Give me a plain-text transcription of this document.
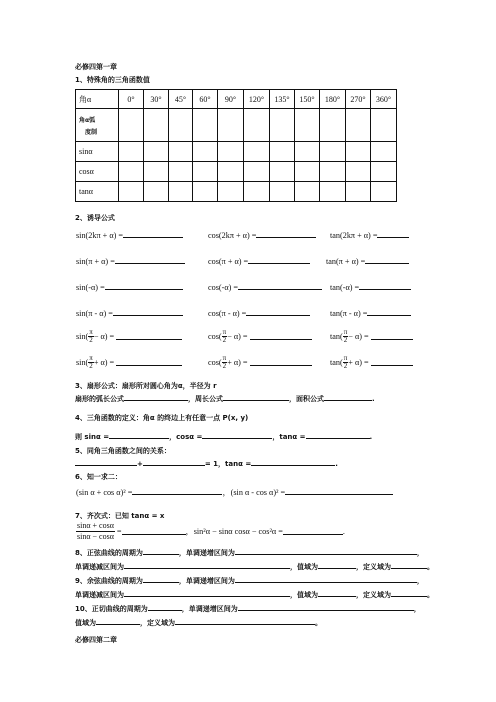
必修四第一章
1、特殊角的三角函数值
角α	0°	30°	45°	60°	90°	120°	135°	150°	180°	270°	360°

角α弧
度制											

sinα											
cosα											
tanα											
2、诱导公式
sin(2kπ + α) =	cos(2kπ + α) =	tan(2kπ + α) =
sin(π + α) =	cos(π + α) =	tan(π + α) =
sin(-α) =	cos(-α) =	tan(-α) =
sin(π - α) =	cos(π - α) =	tan(π - α) =
$\sin( \frac{\pi}{2} - \alpha)$ =	$\cos( \frac{\pi}{2} - \alpha)$ =	$\tan( \frac{\pi}{2} - \alpha)$ =
$\sin( \frac{\pi}{2} + \alpha)$ =	$\cos( \frac{\pi}{2} + \alpha)$ =	$\tan( \frac{\pi}{2} + \alpha)$ =
3、扇形公式：扇形所对圆心角为α，半径为 r
扇形的弧长公式	，周长公式	，面积公式	.
4、三角函数的定义：角α 的终边上有任意一点 P(x, y)
则 sinα =	，cosα =	，tanα =	.
5、同角三角函数之间的关系：
+	= 1，tanα =	.
6、知一求二：
(sin α + cos α)² =	，(sin α - cos α)² =
7、齐次式：已知 tanα = x
$\frac{\sin\alpha + \cos\alpha}{\sin\alpha - \cos\alpha}$ =	，sin²α − sinα cosα − cos²α =	.
8、正弦曲线的周期为	，单调递增区间为	，
单调递减区间为	，值域为	，定义域为	。
9、余弦曲线的周期为	，单调递增区间为	，
单调递减区间为	，值域为	，定义域为	。
10、正切曲线的周期为	，单调递增区间为	，
值域为	，定义域为	。
必修四第二章
